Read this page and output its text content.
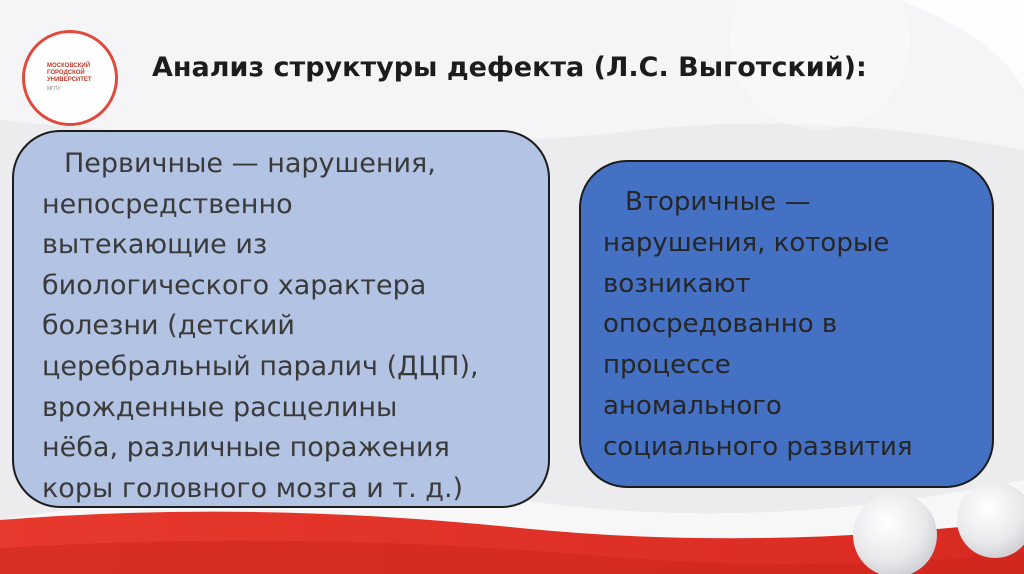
МОСКОВСКИЙ
ГОРОДСКОЙ
УНИВЕРСИТЕТ
МГПУ
Анализ структуры дефекта (Л.С. Выготский):

Первичные — нарушения,
непосредственно
вытекающие из
биологического характера
болезни (детский
церебральный паралич (ДЦП),
врожденные расщелины
нёба, различные поражения
коры головного мозга и т. д.)

Вторичные —
нарушения, которые
возникают
опосредованно в
процессе
аномального
социального развития
